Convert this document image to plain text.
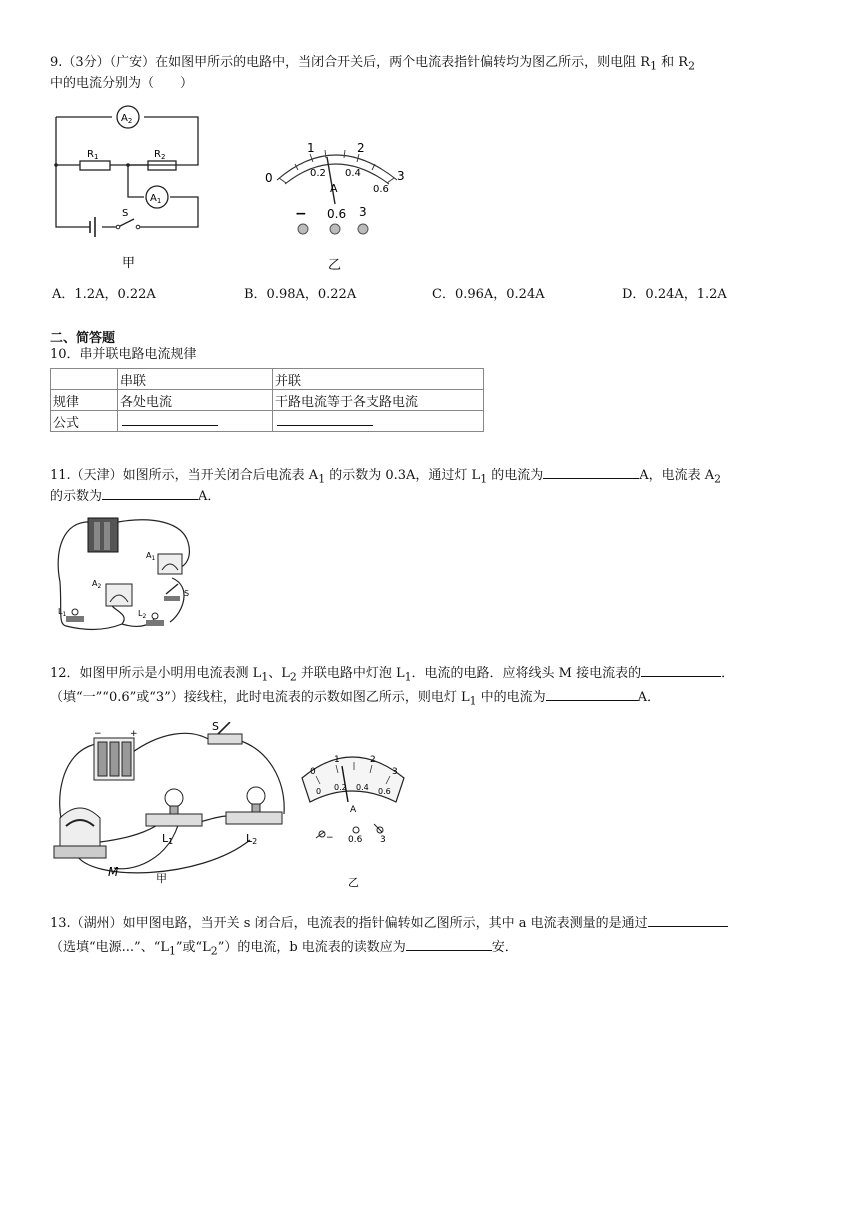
9.（3分）（广安）在如图甲所示的电路中，当闭合开关后，两个电流表指针偏转均为图乙所示，则电阻 $R_1$ 和 $R_2$
中的电流分别为（　　）
$A_2$
$R_1$	$R_2$
$A_1$
S
甲
0
1	2
3
0.2 0.4
0.6
A
− 0.6 3
乙
A．1.2A，0.22A	B．0.98A，0.22A	C．0.96A，0.24A	D．0.24A，1.2A
二、简答题
10．串并联电路电流规律
	串联	并联
规律	各处电流	干路电流等于各支路电流
公式		
11.（天津）如图所示，当开关闭合后电流表 $A_1$ 的示数为 0.3A，通过灯 $L_1$ 的电流为	A，电流表 $A_2$
的示数为	A．
$A_1$
$A_2$
$L_1$	$L_2$
S
12．如图甲所示是小明用电流表测 $L_1$、$L_2$ 并联电路中灯泡 $L_1$．电流的电路．应将线头 M 接电流表的	．
（填“一”“0.6”或“3”）接线柱，此时电流表的示数如图乙所示，则电灯 $L_1$ 中的电流为	A．
−	+
S
L1	L2
M	甲
0
1	2
3
0 0.2 0.4 0.6
A
− 0.6 3
乙
13.（湖州）如甲图电路，当开关 s 闭合后，电流表的指针偏转如乙图所示，其中 a 电流表测量的是通过
（选填“电源...”、“$L_1$”或“$L_2$”）的电流，b 电流表的读数应为	安．
